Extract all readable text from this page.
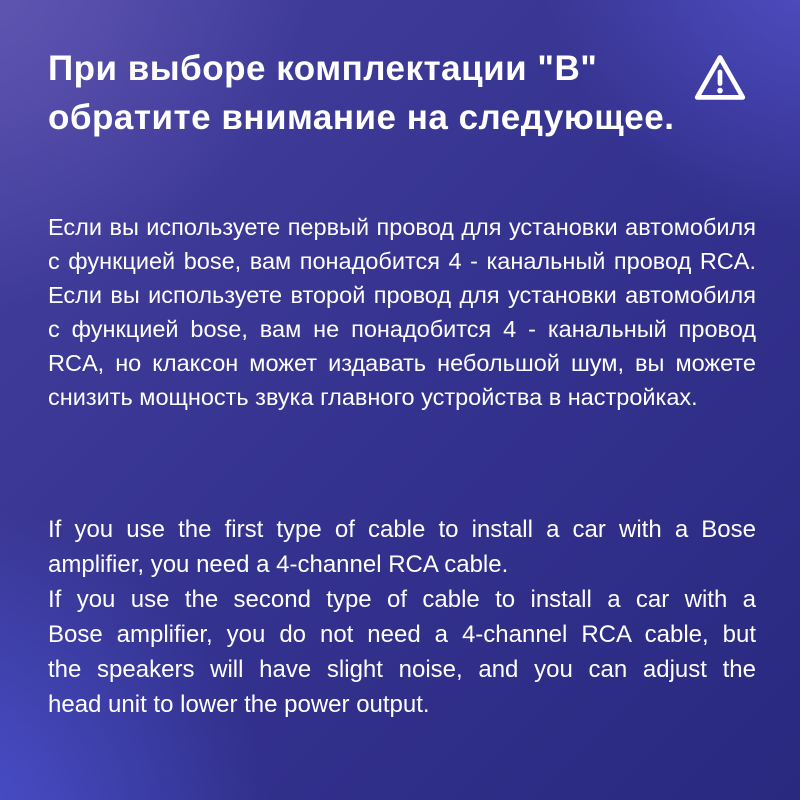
При выборе комплектации "B"
обратите внимание на следующее.
Если вы используете первый провод для установки автомобиля
с функцией bose, вам понадобится 4 - канальный провод RCA.
Если вы используете второй провод для установки автомобиля
с функцией bose, вам не понадобится 4 - канальный провод
RCA, но клаксон может издавать небольшой шум, вы можете
снизить мощность звука главного устройства в настройках.
If you use the first type of cable to install a car with a Bose
amplifier, you need a 4-channel RCA cable.
If you use the second type of cable to install a car with a
Bose amplifier, you do not need a 4-channel RCA cable, but
the speakers will have slight noise, and you can adjust the
head unit to lower the power output.
